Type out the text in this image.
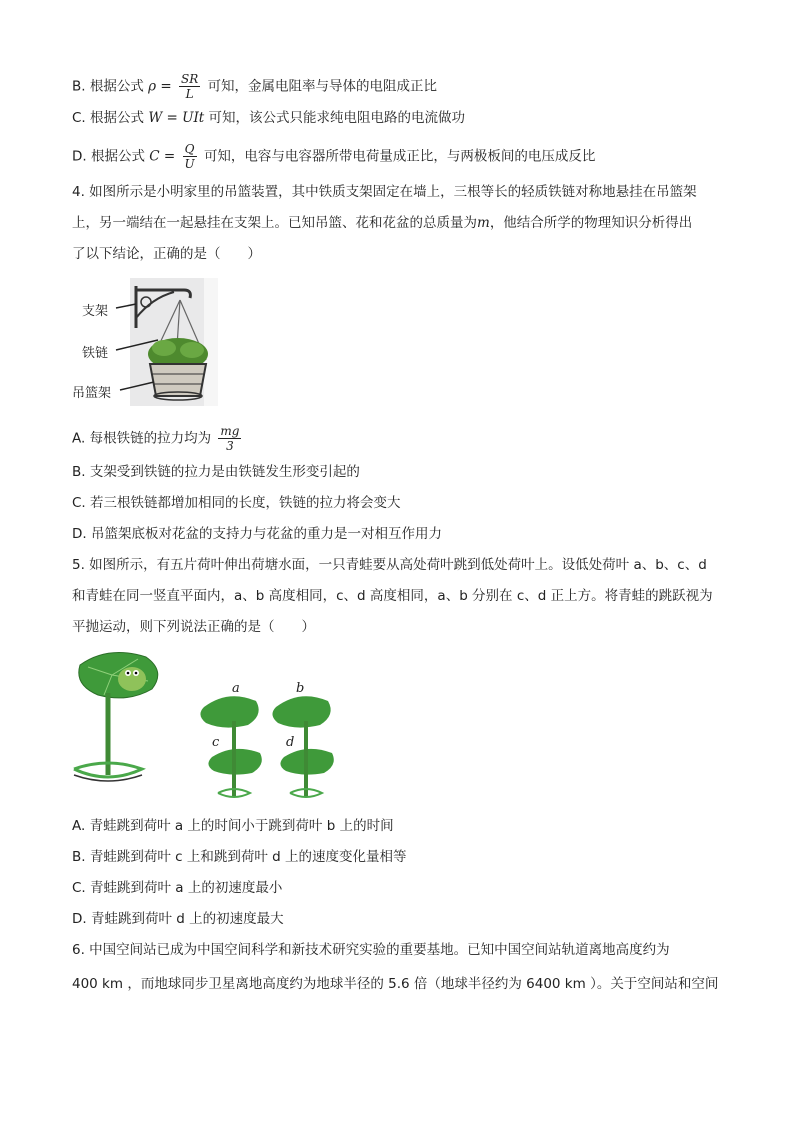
B. 根据公式 $\rho = \frac{SR}{L}$ 可知，金属电阻率与导体的电阻成正比
C. 根据公式 W = UIt 可知，该公式只能求纯电阻电路的电流做功
D. 根据公式 $C = \frac{Q}{U}$ 可知，电容与电容器所带电荷量成正比，与两极板间的电压成反比
4. 如图所示是小明家里的吊篮装置，其中铁质支架固定在墙上，三根等长的轻质铁链对称地悬挂在吊篮架
上，另一端结在一起悬挂在支架上。已知吊篮、花和花盆的总质量为m，他结合所学的物理知识分析得出
了以下结论，正确的是（　　）
支架
铁链
吊篮架
A. 每根铁链的拉力均为 $\frac{mg}{3}$
B. 支架受到铁链的拉力是由铁链发生形变引起的
C. 若三根铁链都增加相同的长度，铁链的拉力将会变大
D. 吊篮架底板对花盆的支持力与花盆的重力是一对相互作用力
5. 如图所示，有五片荷叶伸出荷塘水面，一只青蛙要从高处荷叶跳到低处荷叶上。设低处荷叶 a、b、c、d
和青蛙在同一竖直平面内，a、b 高度相同，c、d 高度相同，a、b 分别在 c、d 正上方。将青蛙的跳跃视为
平抛运动，则下列说法正确的是（　　）
a	b
c	d
A. 青蛙跳到荷叶 a 上的时间小于跳到荷叶 b 上的时间
B. 青蛙跳到荷叶 c 上和跳到荷叶 d 上的速度变化量相等
C. 青蛙跳到荷叶 a 上的初速度最小
D. 青蛙跳到荷叶 d 上的初速度最大
6. 中国空间站已成为中国空间科学和新技术研究实验的重要基地。已知中国空间站轨道离地高度约为
400 km ，而地球同步卫星离地高度约为地球半径的 5.6 倍（地球半径约为 6400 km ）。关于空间站和空间
